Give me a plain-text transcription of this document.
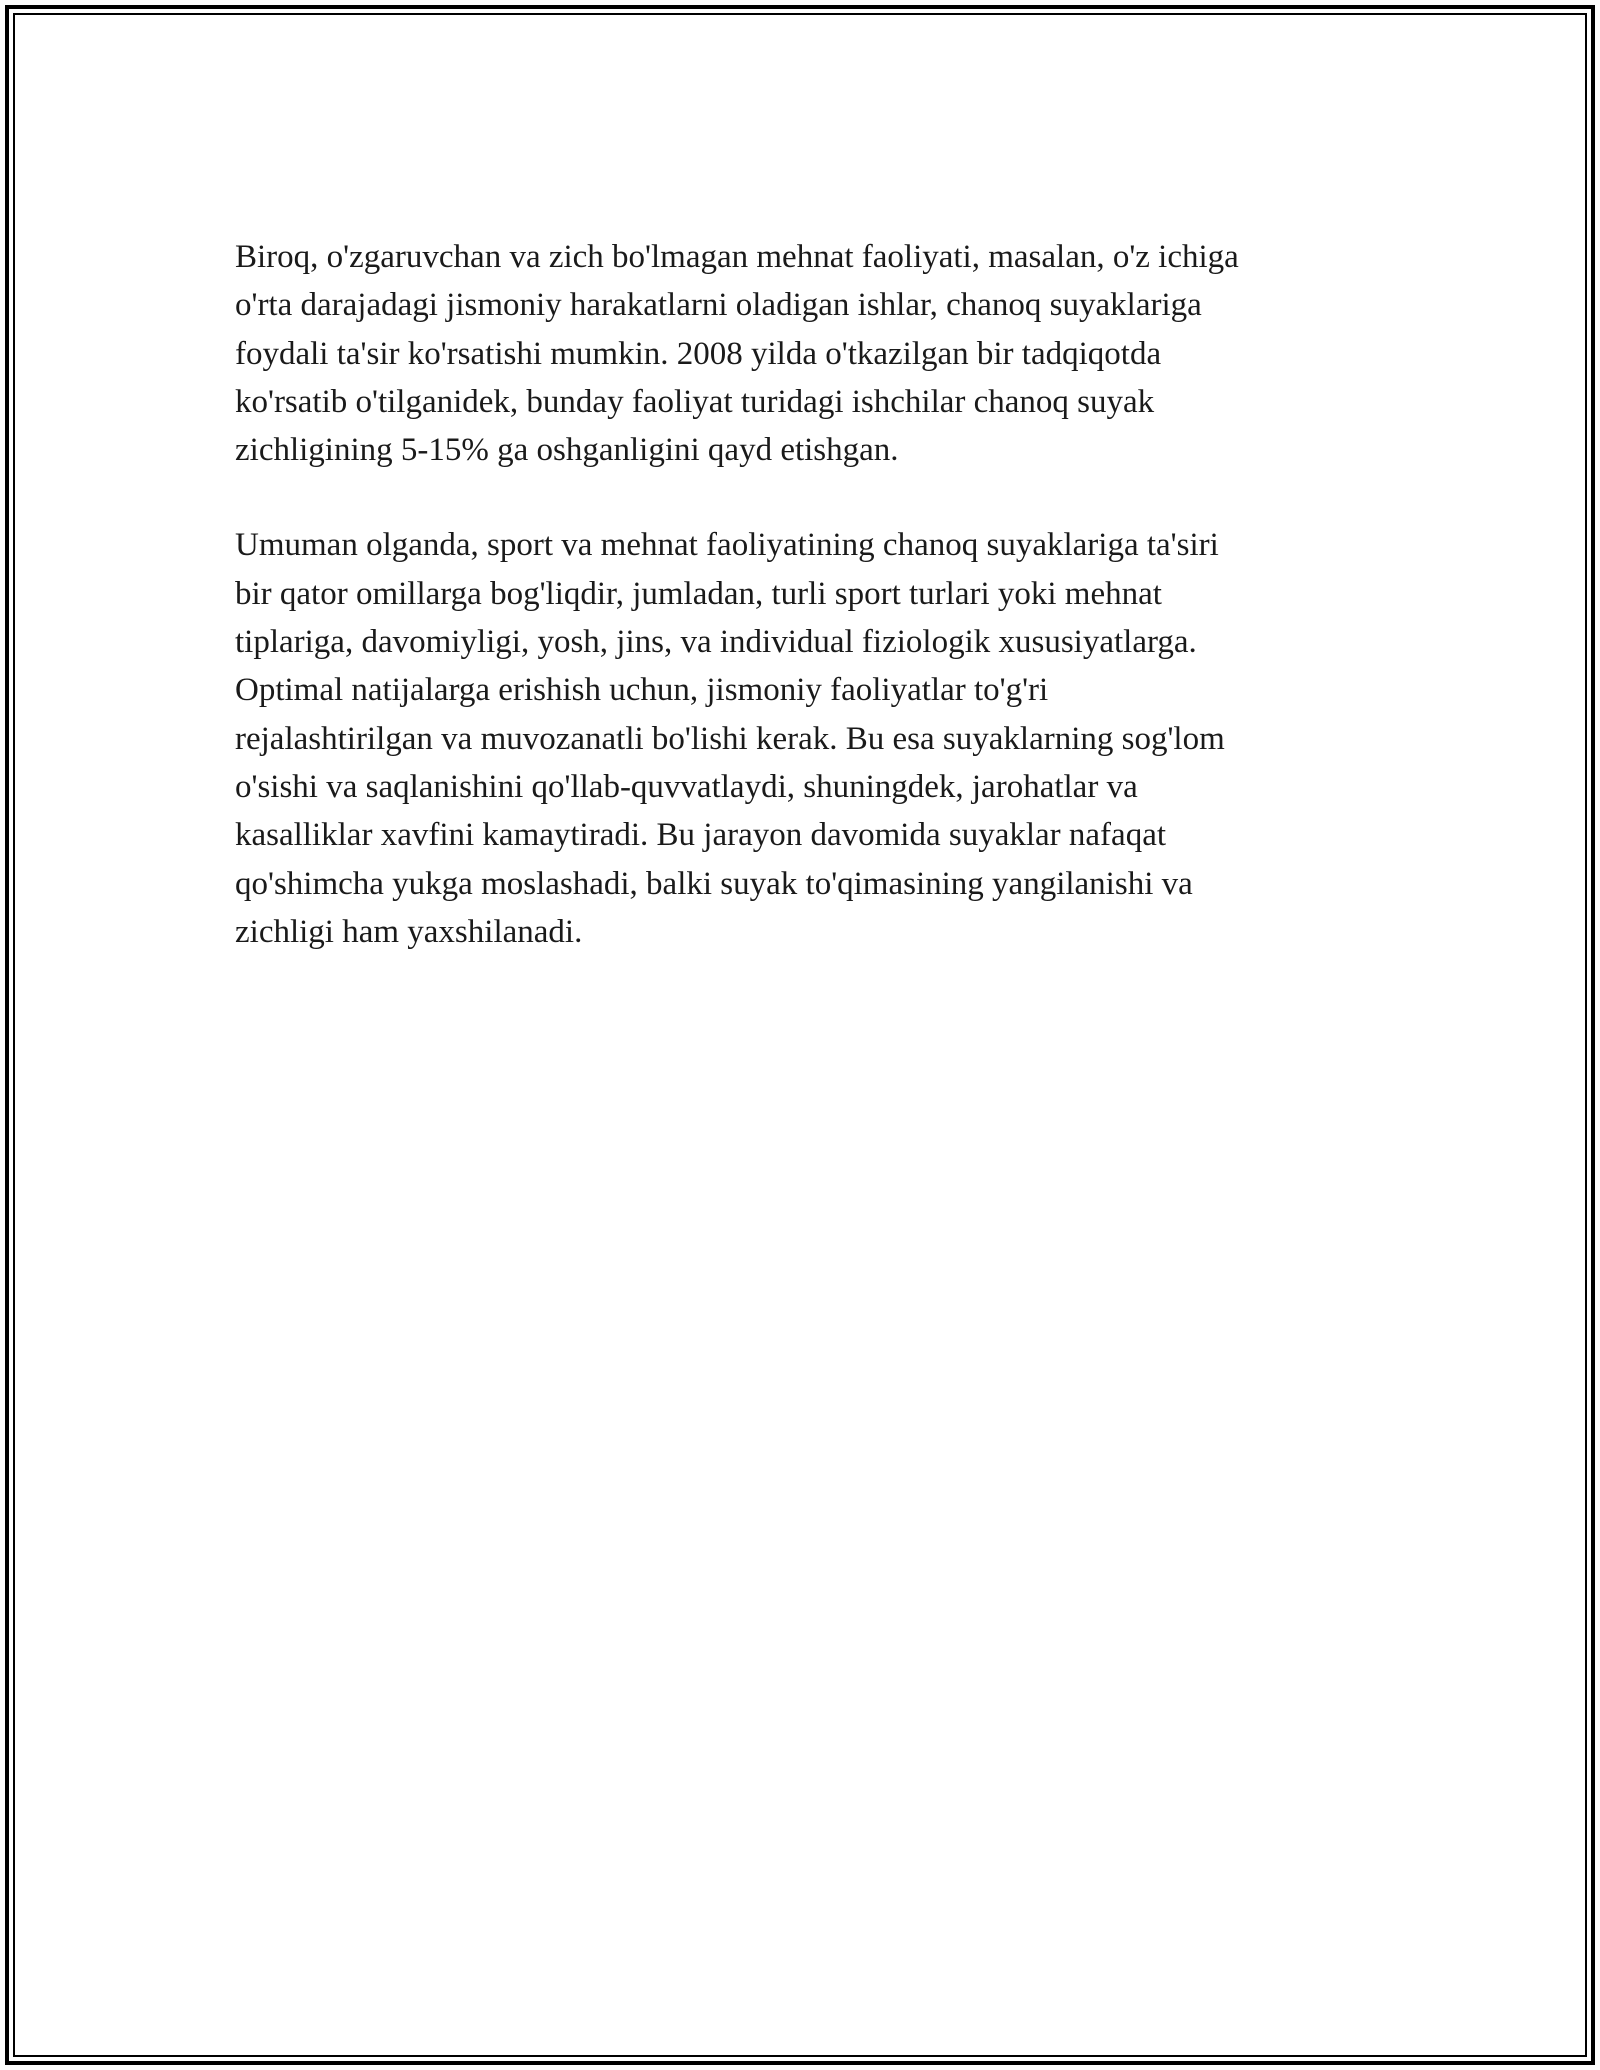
Biroq, o'zgaruvchan va zich bo'lmagan mehnat faoliyati, masalan, o'z ichiga
o'rta darajadagi jismoniy harakatlarni oladigan ishlar, chanoq suyaklariga
foydali ta'sir ko'rsatishi mumkin. 2008 yilda o'tkazilgan bir tadqiqotda
ko'rsatib o'tilganidek, bunday faoliyat turidagi ishchilar chanoq suyak
zichligining 5-15% ga oshganligini qayd etishgan.

Umuman olganda, sport va mehnat faoliyatining chanoq suyaklariga ta'siri
bir qator omillarga bog'liqdir, jumladan, turli sport turlari yoki mehnat
tiplariga, davomiyligi, yosh, jins, va individual fiziologik xususiyatlarga.
Optimal natijalarga erishish uchun, jismoniy faoliyatlar to'g'ri
rejalashtirilgan va muvozanatli bo'lishi kerak. Bu esa suyaklarning sog'lom
o'sishi va saqlanishini qo'llab-quvvatlaydi, shuningdek, jarohatlar va
kasalliklar xavfini kamaytiradi. Bu jarayon davomida suyaklar nafaqat
qo'shimcha yukga moslashadi, balki suyak to'qimasining yangilanishi va
zichligi ham yaxshilanadi.
